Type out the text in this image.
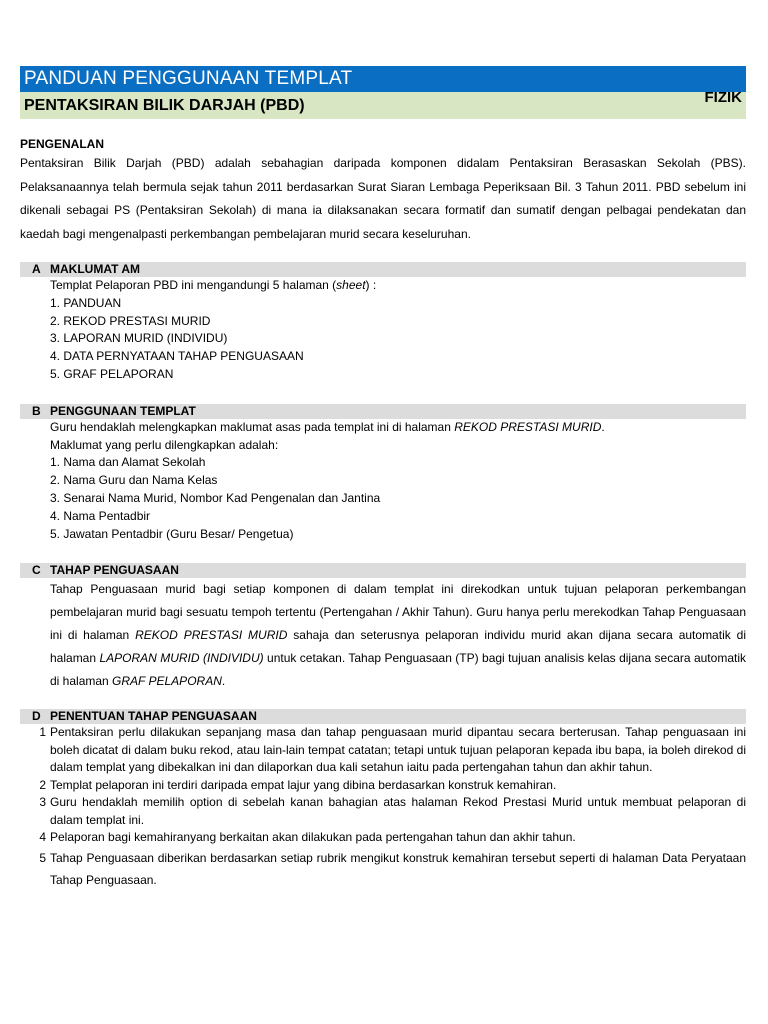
PANDUAN PENGGUNAAN TEMPLAT
PENTAKSIRAN BILIK DARJAH (PBD)	FIZIK
PENGENALAN

Pentaksiran Bilik Darjah (PBD) adalah sebahagian daripada komponen didalam Pentaksiran Berasaskan Sekolah (PBS). Pelaksanaannya telah bermula sejak tahun 2011 berdasarkan Surat Siaran Lembaga Peperiksaan Bil. 3 Tahun 2011. PBD sebelum ini dikenali sebagai PS (Pentaksiran Sekolah) di mana ia dilaksanakan secara formatif dan sumatif dengan pelbagai pendekatan dan kaedah bagi mengenalpasti perkembangan pembelajaran murid secara keseluruhan.

A MAKLUMAT AM
Templat Pelaporan PBD ini mengandungi 5 halaman (sheet) :
1. PANDUAN
2. REKOD PRESTASI MURID
3. LAPORAN MURID (INDIVIDU)
4. DATA PERNYATAAN TAHAP PENGUASAAN
5. GRAF PELAPORAN
B PENGGUNAAN TEMPLAT
Guru hendaklah melengkapkan maklumat asas pada templat ini di halaman REKOD PRESTASI MURID.
Maklumat yang perlu dilengkapkan adalah:
1. Nama dan Alamat Sekolah
2. Nama Guru dan Nama Kelas
3. Senarai Nama Murid, Nombor Kad Pengenalan dan Jantina
4. Nama Pentadbir
5. Jawatan Pentadbir (Guru Besar/ Pengetua)
C TAHAP PENGUASAAN

Tahap Penguasaan murid bagi setiap komponen di dalam templat ini direkodkan untuk tujuan pelaporan perkembangan pembelajaran murid bagi sesuatu tempoh tertentu (Pertengahan / Akhir Tahun). Guru hanya perlu merekodkan Tahap Penguasaan ini di halaman REKOD PRESTASI MURID sahaja dan seterusnya pelaporan individu murid akan dijana secara automatik di halaman LAPORAN MURID (INDIVIDU) untuk cetakan. Tahap Penguasaan (TP) bagi tujuan analisis kelas dijana secara automatik di halaman GRAF PELAPORAN.

D PENENTUAN TAHAP PENGUASAAN
1 Pentaksiran perlu dilakukan sepanjang masa dan tahap penguasaan murid dipantau secara berterusan. Tahap penguasaan ini boleh dicatat di dalam buku rekod, atau lain-lain tempat catatan; tetapi untuk tujuan pelaporan kepada ibu bapa, ia boleh direkod di dalam templat yang dibekalkan ini dan dilaporkan dua kali setahun iaitu pada pertengahan tahun dan akhir tahun.
2 Templat pelaporan ini terdiri daripada empat lajur yang dibina berdasarkan konstruk kemahiran.
3 Guru hendaklah memilih option di sebelah kanan bahagian atas halaman Rekod Prestasi Murid untuk membuat pelaporan di dalam templat ini.
4 Pelaporan bagi kemahiranyang berkaitan akan dilakukan pada pertengahan tahun dan akhir tahun.
5 Tahap Penguasaan diberikan berdasarkan setiap rubrik mengikut konstruk kemahiran tersebut seperti di halaman Data Peryataan Tahap Penguasaan.
